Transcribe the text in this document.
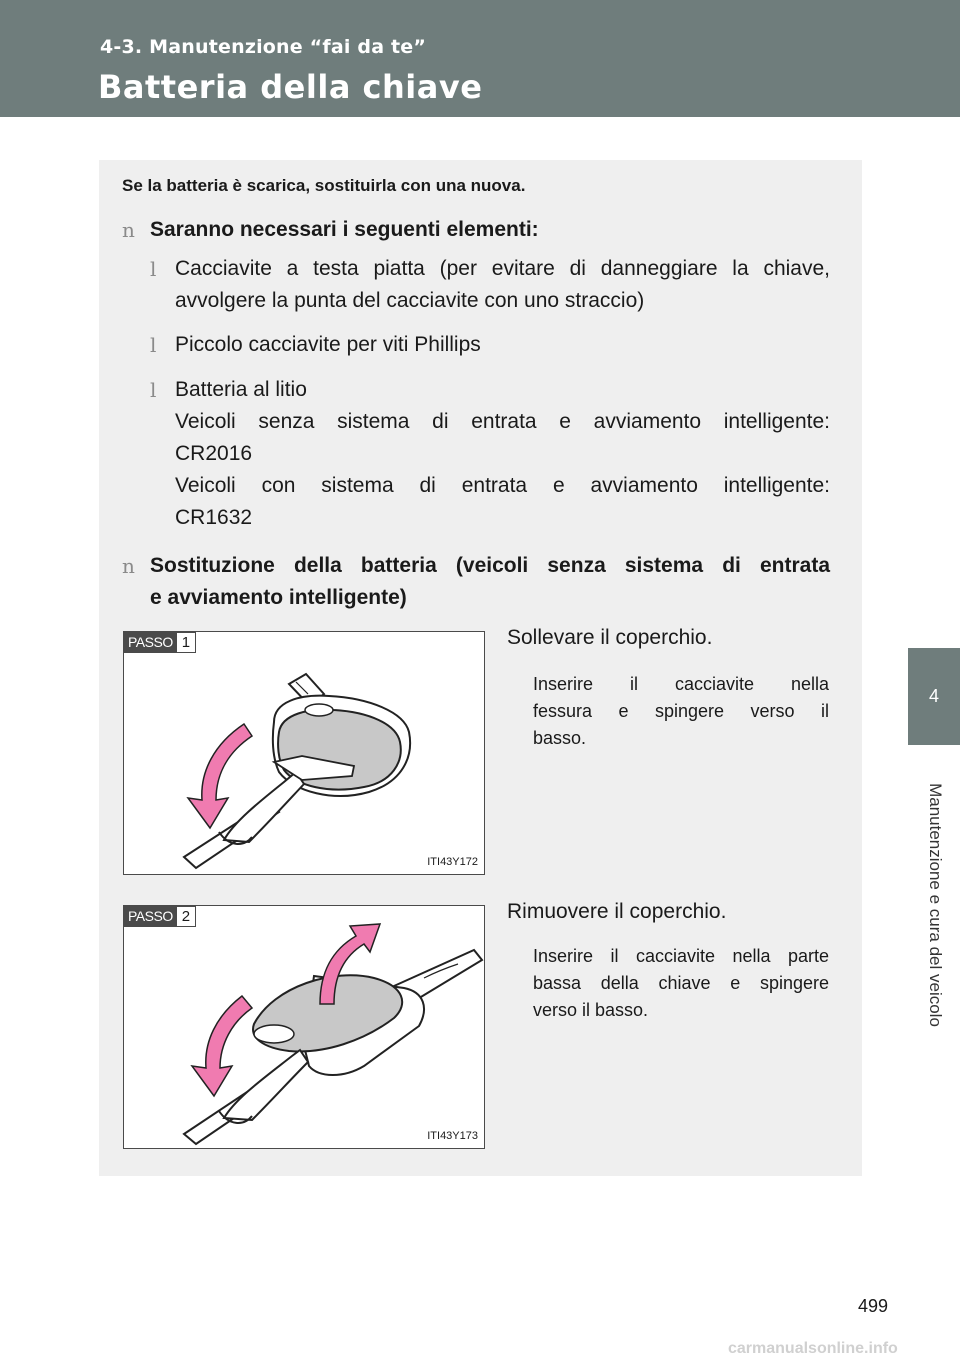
4-3. Manutenzione “fai da te”
Batteria della chiave
4
Manutenzione e cura del veicolo
Se la batteria è scarica, sostituirla con una nuova.
n Saranno necessari i seguenti elementi:
l Cacciavite a testa piatta (per evitare di danneggiare la chiave,
avvolgere la punta del cacciavite con uno straccio)
l Piccolo cacciavite per viti Phillips
l Batteria al litio
Veicoli senza sistema di entrata e avviamento intelligente:
CR2016
Veicoli con sistema di entrata e avviamento intelligente:
CR1632
n Sostituzione della batteria (veicoli senza sistema di entrata
e avviamento intelligente)
PASSO 1
ITI43Y172
Sollevare il coperchio.
Inserire il cacciavite nella
fessura e spingere verso il
basso.
PASSO 2
ITI43Y173
Rimuovere il coperchio.
Inserire il cacciavite nella parte
bassa della chiave e spingere
verso il basso.
499
carmanualsonline.info
